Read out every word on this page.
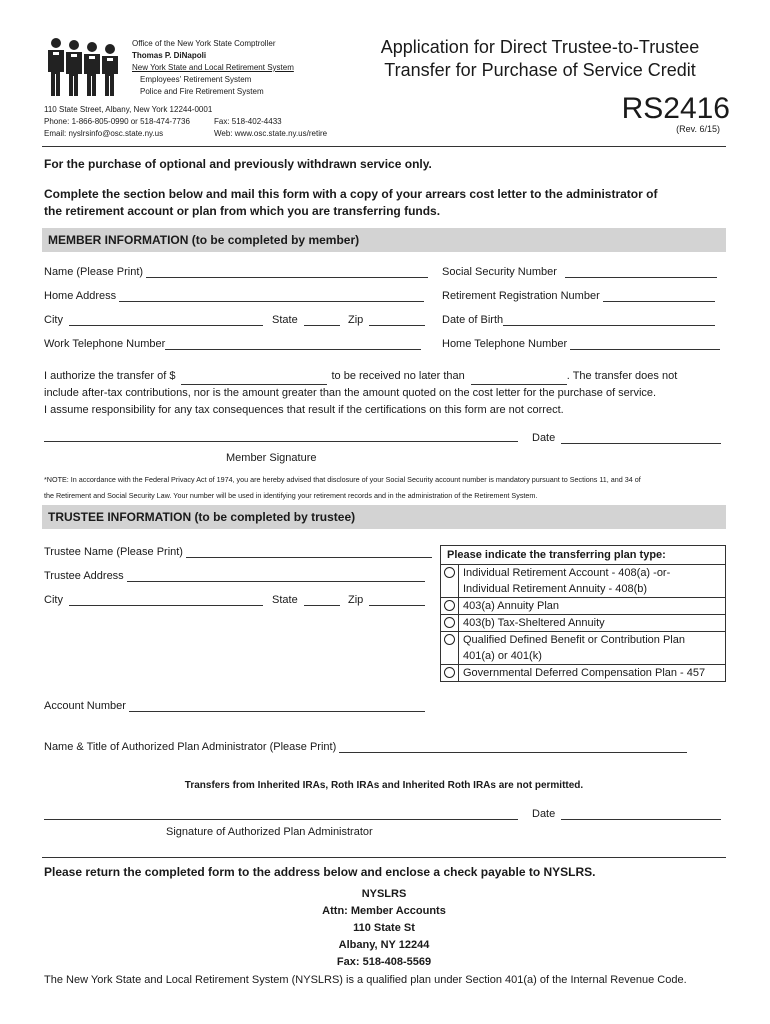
Office of the New York State Comptroller
Thomas P. DiNapoli
New York State and Local Retirement System
Employees' Retirement System
Police and Fire Retirement System
110 State Street, Albany, New York 12244-0001
Phone: 1-866-805-0990 or 518-474-7736	Fax: 518-402-4433
Email: nyslrsinfo@osc.state.ny.us	Web: www.osc.state.ny.us/retire
Application for Direct Trustee-to-Trustee
Transfer for Purchase of Service Credit
RS2416
(Rev. 6/15)
For the purchase of optional and previously withdrawn service only.
Complete the section below and mail this form with a copy of your arrears cost letter to the administrator of
the retirement account or plan from which you are transferring funds.
MEMBER INFORMATION (to be completed by member)
Name (Please Print)	Social Security Number
Home Address	Retirement Registration Number
City	State	Zip	Date of Birth
Work Telephone Number	Home Telephone Number
I authorize the transfer of $	to be received no later than	. The transfer does not
include after-tax contributions, nor is the amount greater than the amount quoted on the cost letter for the purchase of service.
I assume responsibility for any tax consequences that result if the certifications on this form are not correct.
Date
Member Signature
*NOTE: In accordance with the Federal Privacy Act of 1974, you are hereby advised that disclosure of your Social Security account number is mandatory pursuant to Sections 11, and 34 of
the Retirement and Social Security Law. Your number will be used in identifying your retirement records and in the administration of the Retirement System.
TRUSTEE INFORMATION (to be completed by trustee)
Trustee Name (Please Print)
Trustee Address
City	State	Zip
Please indicate the transferring plan type:
Individual Retirement Account - 408(a) -or-
Individual Retirement Annuity - 408(b)
403(a) Annuity Plan
403(b) Tax-Sheltered Annuity
Qualified Defined Benefit or Contribution Plan
401(a) or 401(k)
Governmental Deferred Compensation Plan - 457
Account Number
Name & Title of Authorized Plan Administrator (Please Print)
Transfers from Inherited IRAs, Roth IRAs and Inherited Roth IRAs are not permitted.
Date
Signature of Authorized Plan Administrator
Please return the completed form to the address below and enclose a check payable to NYSLRS.
NYSLRS
Attn: Member Accounts
110 State St
Albany, NY 12244
Fax: 518-408-5569
The New York State and Local Retirement System (NYSLRS) is a qualified plan under Section 401(a) of the Internal Revenue Code.
